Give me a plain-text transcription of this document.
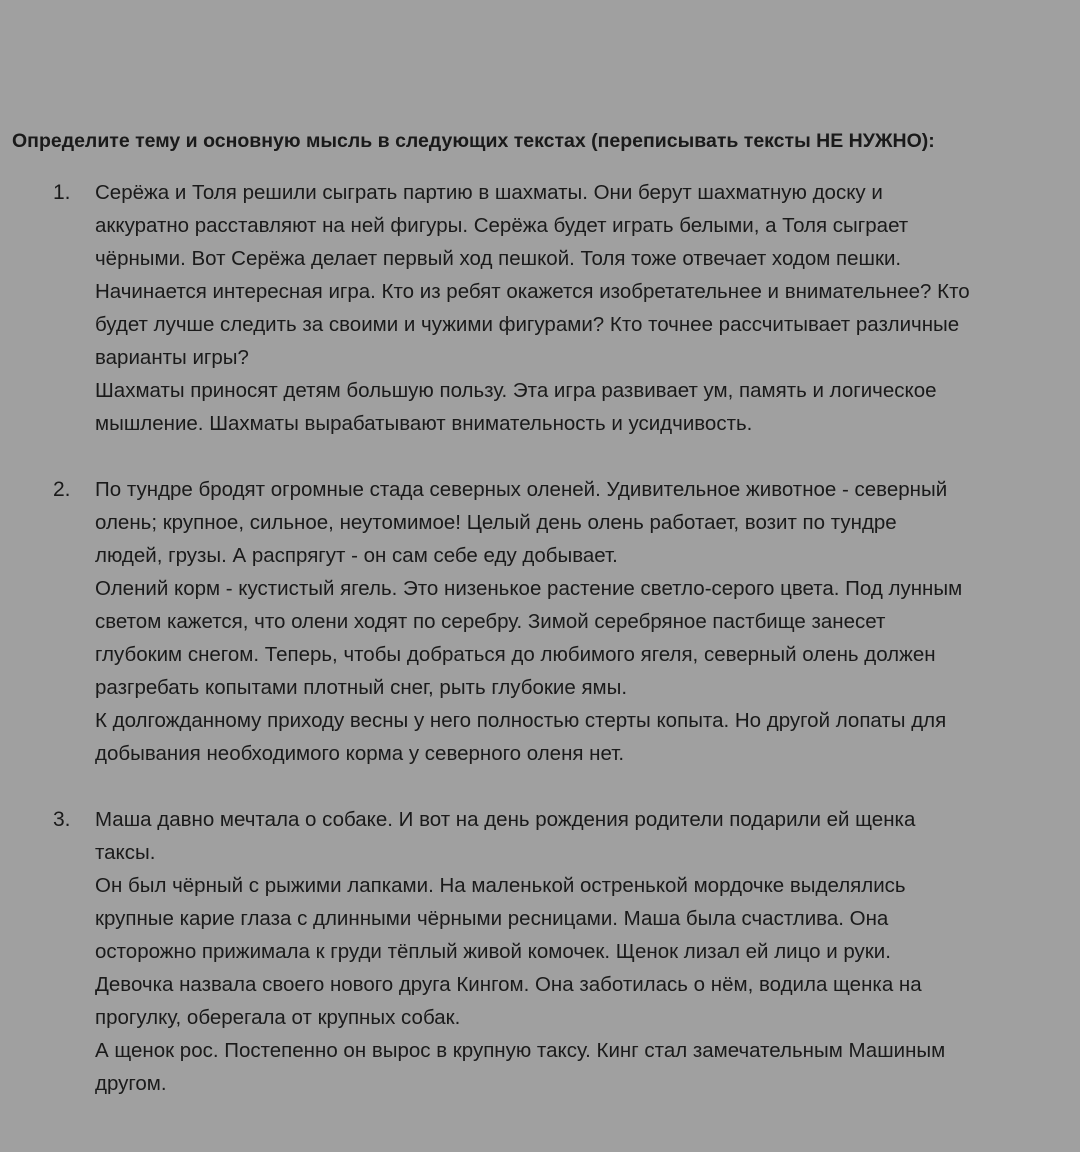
Определите тему и основную мысль в следующих текстах (переписывать тексты НЕ НУЖНО):
1. Серёжа и Толя решили сыграть партию в шахматы. Они берут шахматную доску и
аккуратно расставляют на ней фигуры. Серёжа будет играть белыми, а Толя сыграет
чёрными. Вот Серёжа делает первый ход пешкой. Толя тоже отвечает ходом пешки.
Начинается интересная игра. Кто из ребят окажется изобретательнее и внимательнее? Кто
будет лучше следить за своими и чужими фигурами? Кто точнее рассчитывает различные
варианты игры?

Шахматы приносят детям большую пользу. Эта игра развивает ум, память и логическое
мышление. Шахматы вырабатывают внимательность и усидчивость.

2. По тундре бродят огромные стада северных оленей. Удивительное животное - северный
олень; крупное, сильное, неутомимое! Целый день олень работает, возит по тундре
людей, грузы. А распрягут - он сам себе еду добывает.

Олений корм - кустистый ягель. Это низенькое растение светло-серого цвета. Под лунным
светом кажется, что олени ходят по серебру. Зимой серебряное пастбище занесет
глубоким снегом. Теперь, чтобы добраться до любимого ягеля, северный олень должен
разгребать копытами плотный снег, рыть глубокие ямы.

К долгожданному приходу весны у него полностью стерты копыта. Но другой лопаты для
добывания необходимого корма у северного оленя нет.

3. Маша давно мечтала о собаке. И вот на день рождения родители подарили ей щенка
таксы.

Он был чёрный с рыжими лапками. На маленькой остренькой мордочке выделялись
крупные карие глаза с длинными чёрными ресницами. Маша была счастлива. Она
осторожно прижимала к груди тёплый живой комочек. Щенок лизал ей лицо и руки.
Девочка назвала своего нового друга Кингом. Она заботилась о нём, водила щенка на
прогулку, оберегала от крупных собак.

А щенок рос. Постепенно он вырос в крупную таксу. Кинг стал замечательным Машиным
другом.
